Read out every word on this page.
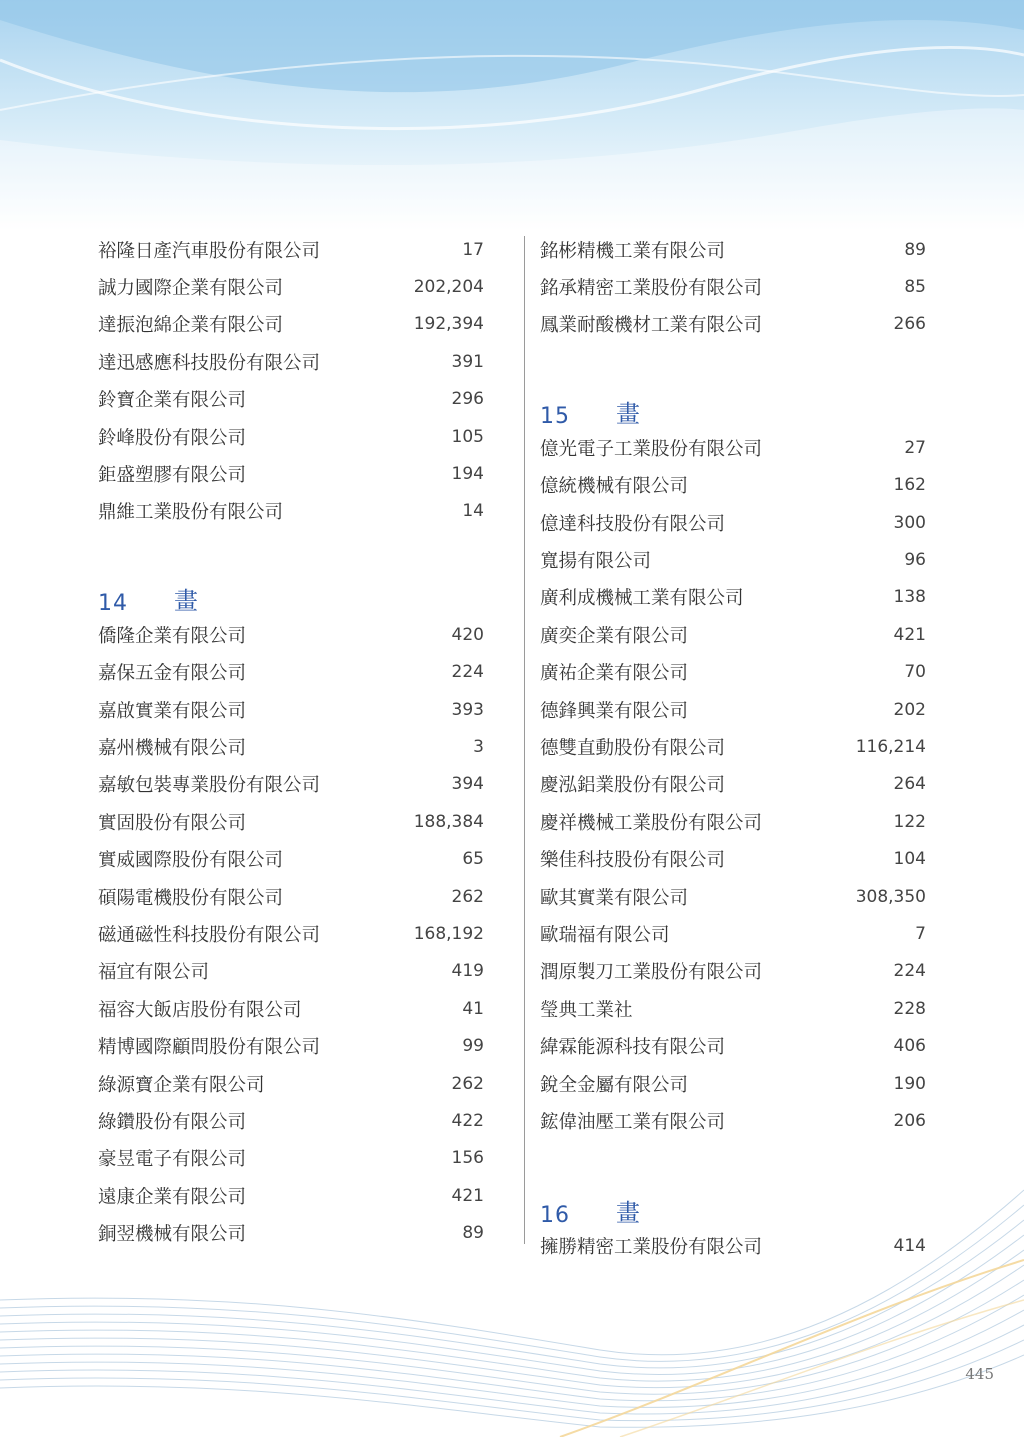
裕隆日產汽車股份有限公司	17
誠力國際企業有限公司	202,204
達振泡綿企業有限公司	192,394
達迅感應科技股份有限公司	391
鈴寶企業有限公司	296
鈴峰股份有限公司	105
鉅盛塑膠有限公司	194
鼎維工業股份有限公司	14
14	畫
僑隆企業有限公司	420
嘉保五金有限公司	224
嘉啟實業有限公司	393
嘉州機械有限公司	3
嘉敏包裝專業股份有限公司	394
實固股份有限公司	188,384
實威國際股份有限公司	65
碩陽電機股份有限公司	262
磁通磁性科技股份有限公司	168,192
福宜有限公司	419
福容大飯店股份有限公司	41
精博國際顧問股份有限公司	99
綠源寶企業有限公司	262
綠鑽股份有限公司	422
豪昱電子有限公司	156
遠康企業有限公司	421
銅翌機械有限公司	89
銘彬精機工業有限公司	89
銘承精密工業股份有限公司	85
鳳業耐酸機材工業有限公司	266
15	畫
億光電子工業股份有限公司	27
億統機械有限公司	162
億達科技股份有限公司	300
寬揚有限公司	96
廣利成機械工業有限公司	138
廣奕企業有限公司	421
廣祐企業有限公司	70
德鋒興業有限公司	202
德雙直動股份有限公司	116,214
慶泓鋁業股份有限公司	264
慶祥機械工業股份有限公司	122
樂佳科技股份有限公司	104
歐其實業有限公司	308,350
歐瑞福有限公司	7
潤原製刀工業股份有限公司	224
瑩典工業社	228
緯霖能源科技有限公司	406
銳全金屬有限公司	190
鋐偉油壓工業有限公司	206
16	畫
擁勝精密工業股份有限公司	414
445
